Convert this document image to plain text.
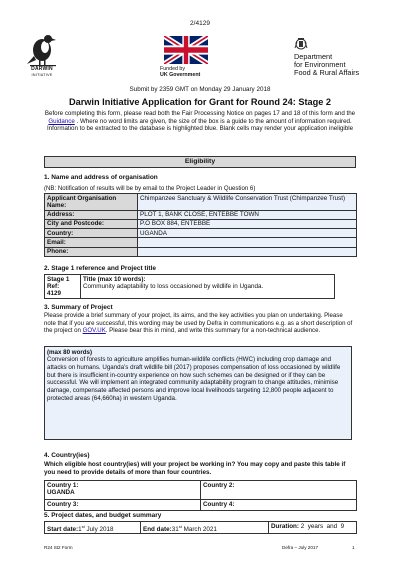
2/4129
DARWIN
INITIATIVE
Funded by
UK Government
Department
for Environment
Food & Rural Affairs
Submit by 2359 GMT on Monday 29 January 2018
Darwin Initiative Application for Grant for Round 24: Stage 2
Before completing this form, please read both the Fair Processing Notice on pages 17 and 18 of this form and the Guidance . Where no word limits are given, the size of the box is a guide to the amount of information required. Information to be extracted to the database is highlighted blue. Blank cells may render your application ineligible
Eligibility
1. Name and address of organisation
(NB: Notification of results will be by email to the Project Leader in Question 6)
Applicant Organisation Name:	Chimpanzee Sanctuary & Wildlife Conservation Trust (Chimpanzee Trust)
Address:	PLOT 1, BANK CLOSE, ENTEBBE TOWN
City and Postcode:	P.O BOX 884, ENTEBBE
Country:	UGANDA
Email:	
Phone:	
2. Stage 1 reference and Project title
Stage 1 Ref:
4129

Title (max 10 words):
Community adaptability to loss occasioned by wildlife in Uganda.
3. Summary of Project
Please provide a brief summary of your project, its aims, and the key activities you plan on undertaking. Please note that if you are successful, this wording may be used by Defra in communications e.g. as a short description of the project on GOV.UK. Please bear this in mind, and write this summary for a non-technical audience.
(max 80 words)
Conversion of forests to agriculture amplifies human-wildlife conflicts (HWC) including crop damage and attacks on humans. Uganda’s draft wildlife bill (2017) proposes compensation of loss occasioned by wildlife but there is insufficient in-country experience on how such schemes can be designed or if they can be successful. We will implement an integrated community adaptability program to change attitudes, minimise damage, compensate affected persons and improve local livelihoods targeting 12,800 people adjacent to protected areas (64,660ha) in western Uganda.
4. Country(ies)
Which eligible host country(ies) will your project be working in? You may copy and paste this table if you need to provide details of more than four countries.
Country 1:
UGANDA	Country 2:

Country 3:	Country 4:
5. Project dates, and budget summary
Start date:1st July 2018	End date:31st March 2021	Duration: 2  years  and  9
R24 St2 Form	Defra – July 2017	1
